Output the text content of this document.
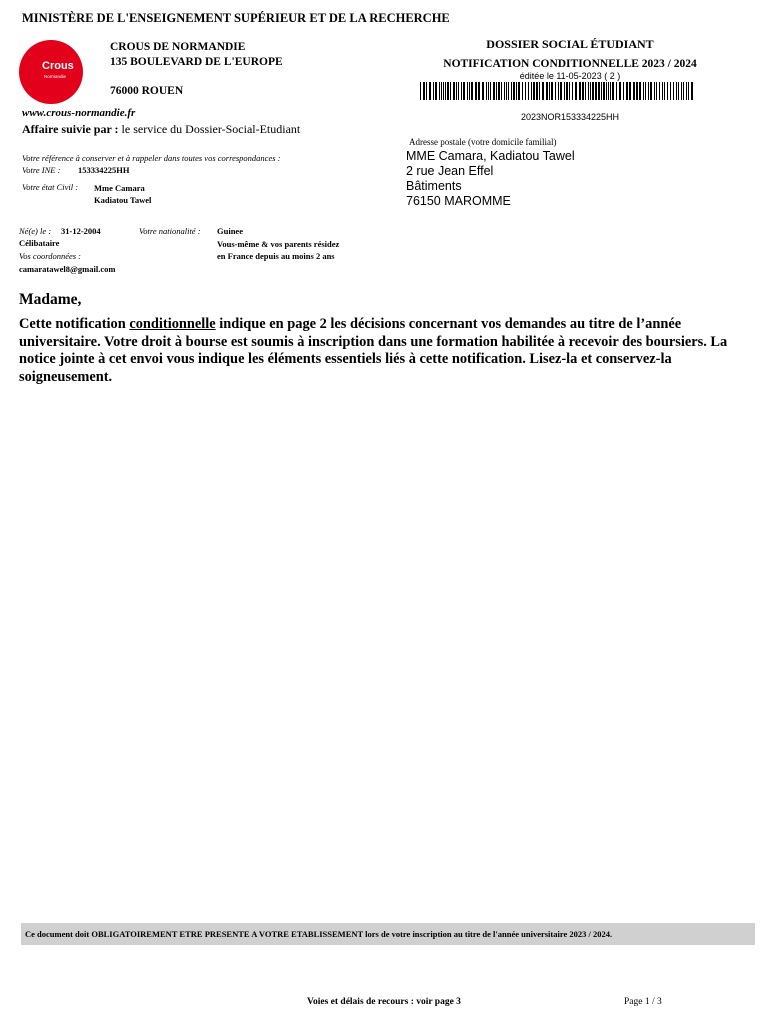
MINISTÈRE DE L'ENSEIGNEMENT SUPÉRIEUR ET DE LA RECHERCHE
Crous
Normandie
CROUS DE NORMANDIE
135 BOULEVARD DE L'EUROPE
76000 ROUEN
www.crous-normandie.fr
Affaire suivie par : le service du Dossier-Social-Etudiant
DOSSIER SOCIAL ÉTUDIANT
NOTIFICATION CONDITIONNELLE 2023 / 2024
éditée le 11-05-2023 ( 2 )
2023NOR153334225HH
Adresse postale (votre domicile familial)
MME Camara, Kadiatou Tawel
2 rue Jean Effel
Bâtiments
76150 MAROMME
Votre référence à conserver et à rappeler dans toutes vos correspondances :
Votre INE : 153334225HH
Votre état Civil : Mme Camara
Kadiatou Tawel
Né(e) le : 31-12-2004	Votre nationalité : Guinee
Célibataire	Vous-même & vos parents résidez
en France depuis au moins 2 ans
Vos coordonnées :
camaratawel8@gmail.com
Madame,
Cette notification conditionnelle indique en page 2 les décisions concernant vos demandes au titre de l’année universitaire. Votre droit à bourse est soumis à inscription dans une formation habilitée à recevoir des boursiers. La notice jointe à cet envoi vous indique les éléments essentiels liés à cette notification. Lisez-la et conservez-la soigneusement.
Ce document doit OBLIGATOIREMENT ETRE PRESENTE A VOTRE ETABLISSEMENT lors de votre inscription au titre de l'année universitaire 2023 / 2024.
Voies et délais de recours : voir page 3	Page 1 / 3
